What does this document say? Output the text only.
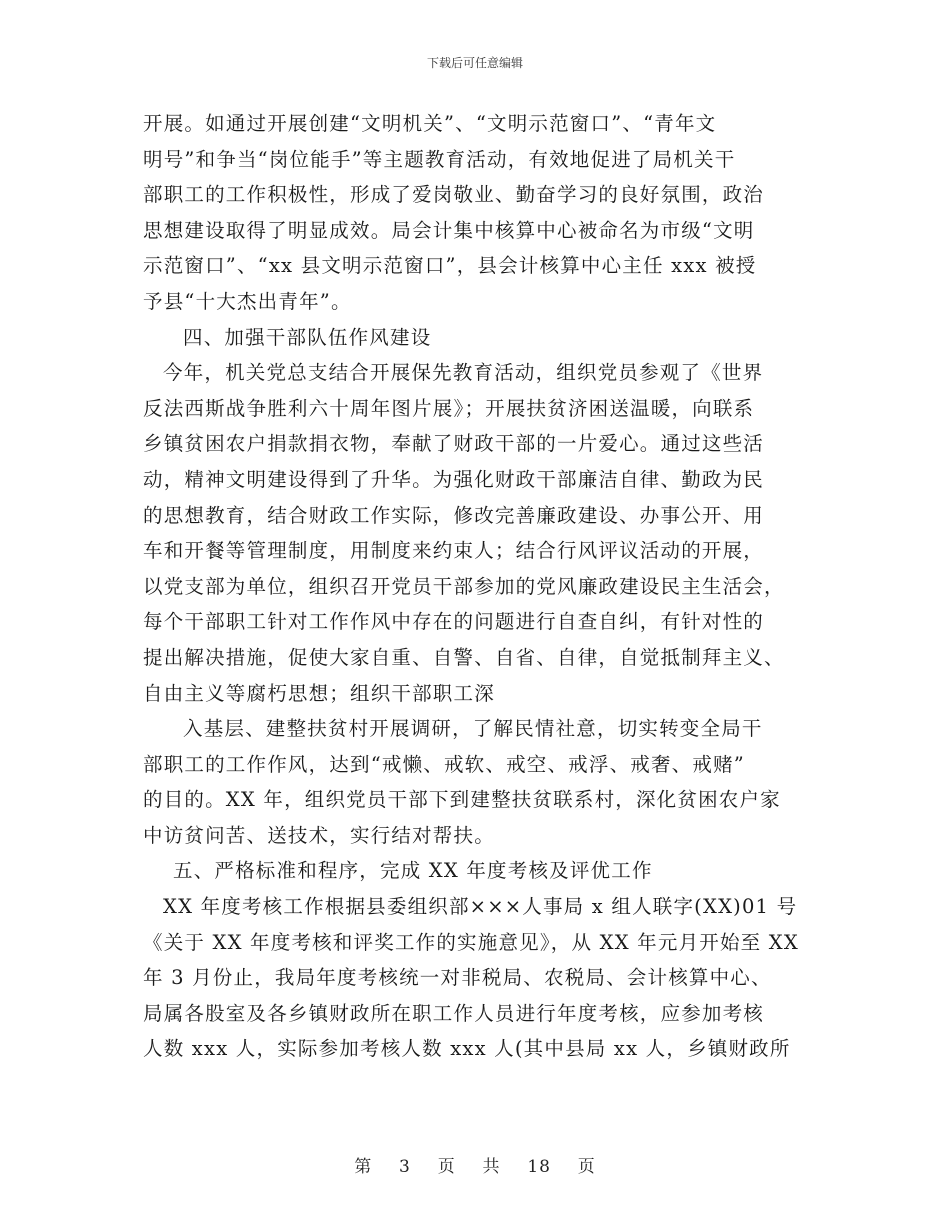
下载后可任意编辑
开展。如通过开展创建“文明机关”、“文明示范窗口”、“青年文
明号”和争当“岗位能手”等主题教育活动，有效地促进了局机关干
部职工的工作积极性，形成了爱岗敬业、勤奋学习的良好氛围，政治
思想建设取得了明显成效。局会计集中核算中心被命名为市级“文明
示范窗口”、“xx 县文明示范窗口”，县会计核算中心主任 xxx 被授
予县“十大杰出青年”。
四、加强干部队伍作风建设
今年，机关党总支结合开展保先教育活动，组织党员参观了《世界
反法西斯战争胜利六十周年图片展》；开展扶贫济困送温暖，向联系
乡镇贫困农户捐款捐衣物，奉献了财政干部的一片爱心。通过这些活
动，精神文明建设得到了升华。为强化财政干部廉洁自律、勤政为民
的思想教育，结合财政工作实际，修改完善廉政建设、办事公开、用
车和开餐等管理制度，用制度来约束人；结合行风评议活动的开展，
以党支部为单位，组织召开党员干部参加的党风廉政建设民主生活会，
每个干部职工针对工作作风中存在的问题进行自查自纠，有针对性的
提出解决措施，促使大家自重、自警、自省、自律，自觉抵制拜主义、
自由主义等腐朽思想；组织干部职工深
入基层、建整扶贫村开展调研，了解民情社意，切实转变全局干
部职工的工作作风，达到“戒懒、戒软、戒空、戒浮、戒奢、戒赌”
的目的。XX 年，组织党员干部下到建整扶贫联系村，深化贫困农户家
中访贫问苦、送技术，实行结对帮扶。
五、严格标准和程序，完成 XX 年度考核及评优工作
XX 年度考核工作根据县委组织部×××人事局 x 组人联字(XX)01 号
《关于 XX 年度考核和评奖工作的实施意见》，从 XX 年元月开始至 XX
年 3 月份止，我局年度考核统一对非税局、农税局、会计核算中心、
局属各股室及各乡镇财政所在职工作人员进行年度考核，应参加考核
人数 xxx 人，实际参加考核人数 xxx 人(其中县局 xx 人，乡镇财政所
第 3 页 共 18 页
